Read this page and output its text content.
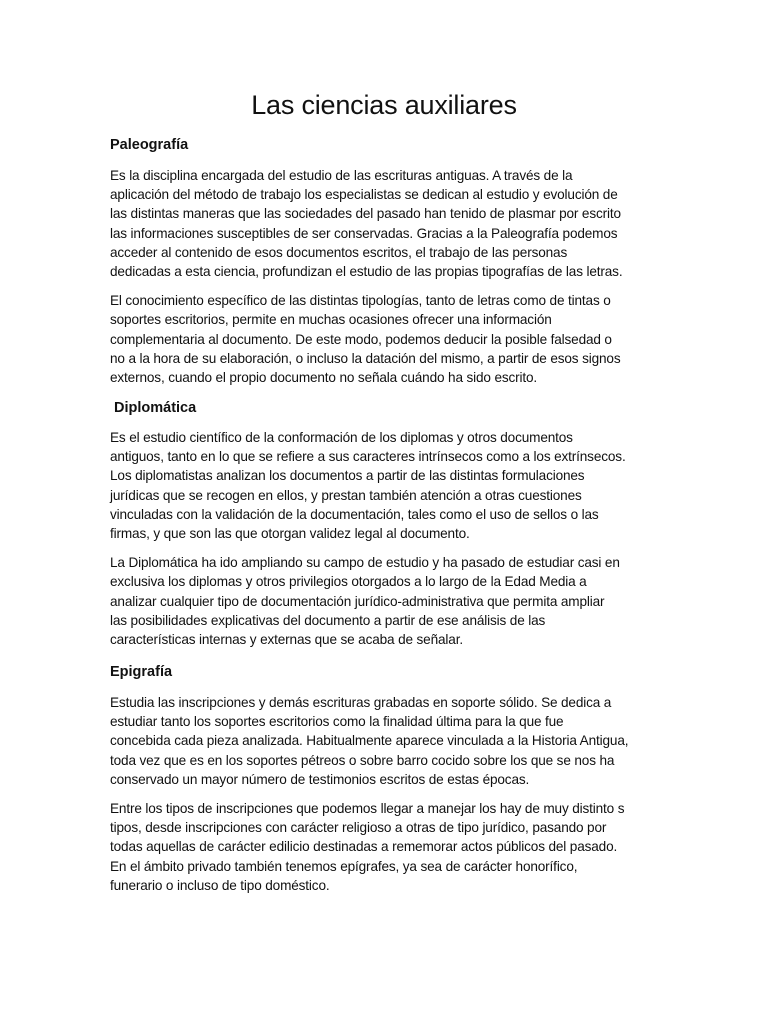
Las ciencias auxiliares
Paleografía

Es la disciplina encargada del estudio de las escrituras antiguas. A través de la
aplicación del método de trabajo los especialistas se dedican al estudio y evolución de
las distintas maneras que las sociedades del pasado han tenido de plasmar por escrito
las informaciones susceptibles de ser conservadas. Gracias a la Paleografía podemos
acceder al contenido de esos documentos escritos, el trabajo de las personas
dedicadas a esta ciencia, profundizan el estudio de las propias tipografías de las letras.

El conocimiento específico de las distintas tipologías, tanto de letras como de tintas o
soportes escritorios, permite en muchas ocasiones ofrecer una información
complementaria al documento. De este modo, podemos deducir la posible falsedad o
no a la hora de su elaboración, o incluso la datación del mismo, a partir de esos signos
externos, cuando el propio documento no señala cuándo ha sido escrito.

Diplomática

Es el estudio científico de la conformación de los diplomas y otros documentos
antiguos, tanto en lo que se refiere a sus caracteres intrínsecos como a los extrínsecos.
Los diplomatistas analizan los documentos a partir de las distintas formulaciones
jurídicas que se recogen en ellos, y prestan también atención a otras cuestiones
vinculadas con la validación de la documentación, tales como el uso de sellos o las
firmas, y que son las que otorgan validez legal al documento.

La Diplomática ha ido ampliando su campo de estudio y ha pasado de estudiar casi en
exclusiva los diplomas y otros privilegios otorgados a lo largo de la Edad Media a
analizar cualquier tipo de documentación jurídico-administrativa que permita ampliar
las posibilidades explicativas del documento a partir de ese análisis de las
características internas y externas que se acaba de señalar.

Epigrafía

Estudia las inscripciones y demás escrituras grabadas en soporte sólido. Se dedica a
estudiar tanto los soportes escritorios como la finalidad última para la que fue
concebida cada pieza analizada. Habitualmente aparece vinculada a la Historia Antigua,
toda vez que es en los soportes pétreos o sobre barro cocido sobre los que se nos ha
conservado un mayor número de testimonios escritos de estas épocas.

Entre los tipos de inscripciones que podemos llegar a manejar los hay de muy distinto s
tipos, desde inscripciones con carácter religioso a otras de tipo jurídico, pasando por
todas aquellas de carácter edilicio destinadas a rememorar actos públicos del pasado.
En el ámbito privado también tenemos epígrafes, ya sea de carácter honorífico,
funerario o incluso de tipo doméstico.
